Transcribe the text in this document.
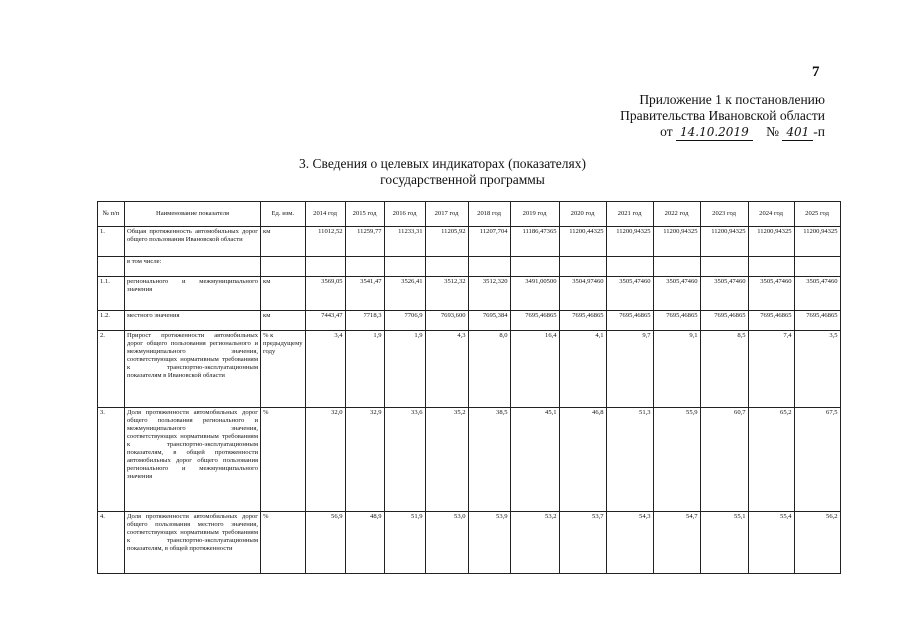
7
Приложение 1 к постановлению
Правительства Ивановской области
от 14.10.2019 № 401 -п
3. Сведения о целевых индикаторах (показателях)
государственной программы
№ п/п	Наименование показателя	Ед. изм.	2014 год	2015 год	2016 год	2017 год	2018 год	2019 год	2020 год	2021 год	2022 год	2023 год	2024 год	2025 год
1.	Общая протяженность автомобильных дорог общего пользования Ивановской области	км	11012,52	11259,77	11233,31	11205,92	11207,704	11186,47365	11200,44325	11200,94325	11200,94325	11200,94325	11200,94325	11200,94325
	в том числе:													
1.1.	регионального и межмуниципального значения	км	3569,05	3541,47	3526,41	3512,32	3512,320	3491,00500	3504,97460	3505,47460	3505,47460	3505,47460	3505,47460	3505,47460
1.2.	местного значения	км	7443,47	7718,3	7706,9	7693,600	7695,384	7695,46865	7695,46865	7695,46865	7695,46865	7695,46865	7695,46865	7695,46865
2.	Прирост протяженности автомобильных дорог общего пользования регионального и межмуниципального значения, соответствующих нормативным требованиям к транспортно-эксплуатационным показателям в Ивановской области	% к предыдущему году	3,4	1,9	1,9	4,3	8,0	16,4	4,1	9,7	9,1	8,5	7,4	3,5
3.	Доля протяженности автомобильных дорог общего пользования регионального и межмуниципального значения, соответствующих нормативным требованиям к транспортно-эксплуатационным показателям, в общей протяженности автомобильных дорог общего пользования регионального и межмуниципального значения	%	32,0	32,9	33,6	35,2	38,5	45,1	46,8	51,3	55,9	60,7	65,2	67,5
4.	Доля протяженности автомобильных дорог общего пользования местного значения, соответствующих нормативным требованиям к транспортно-эксплуатационным показателям, в общей протяженности	%	56,9	48,9	51,9	53,0	53,9	53,2	53,7	54,3	54,7	55,1	55,4	56,2
